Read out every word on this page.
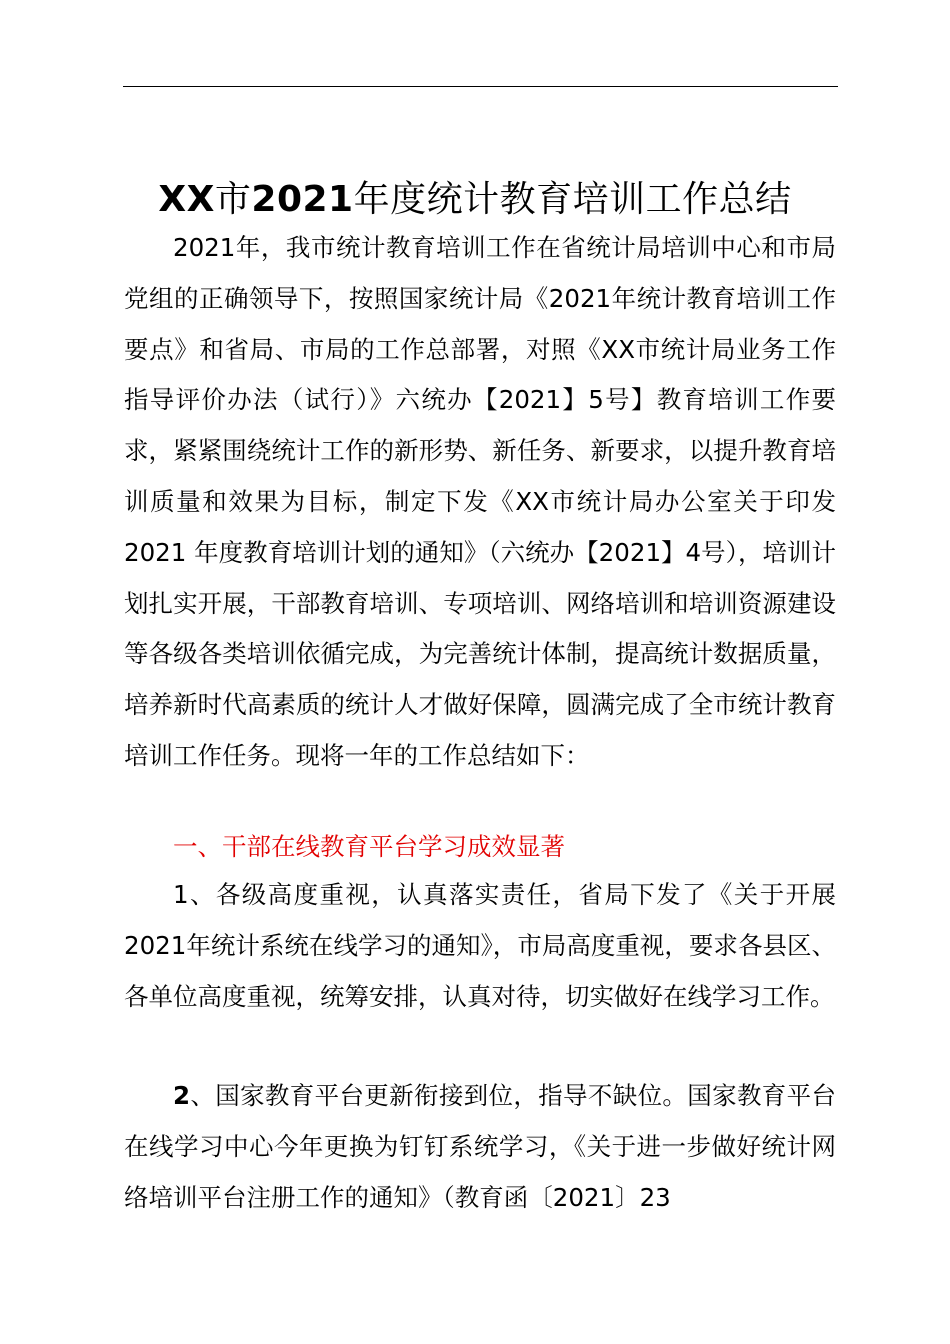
XX市2021年度统计教育培训工作总结

2021年，我市统计教育培训工作在省统计局培训中心和市局党组的正确领导下，按照国家统计局《2021年统计教育培训工作要点》和省局、市局的工作总部署，对照《XX市统计局业务工作指导评价办法（试行）》六统办【2021】5号】教育培训工作要求，紧紧围绕统计工作的新形势、新任务、新要求，以提升教育培训质量和效果为目标，制定下发《XX市统计局办公室关于印发 2021 年度教育培训计划的通知》（六统办【2021】4号），培训计划扎实开展，干部教育培训、专项培训、网络培训和培训资源建设等各级各类培训依循完成，为完善统计体制，提高统计数据质量，培养新时代高素质的统计人才做好保障，圆满完成了全市统计教育培训工作任务。现将一年的工作总结如下：

一、干部在线教育平台学习成效显著

1、各级高度重视，认真落实责任，省局下发了《关于开展2021年统计系统在线学习的通知》，市局高度重视，要求各县区、各单位高度重视，统筹安排，认真对待，切实做好在线学习工作。

2、国家教育平台更新衔接到位，指导不缺位。国家教育平台在线学习中心今年更换为钉钉系统学习，《关于进一步做好统计网络培训平台注册工作的通知》（教育函〔2021〕23
